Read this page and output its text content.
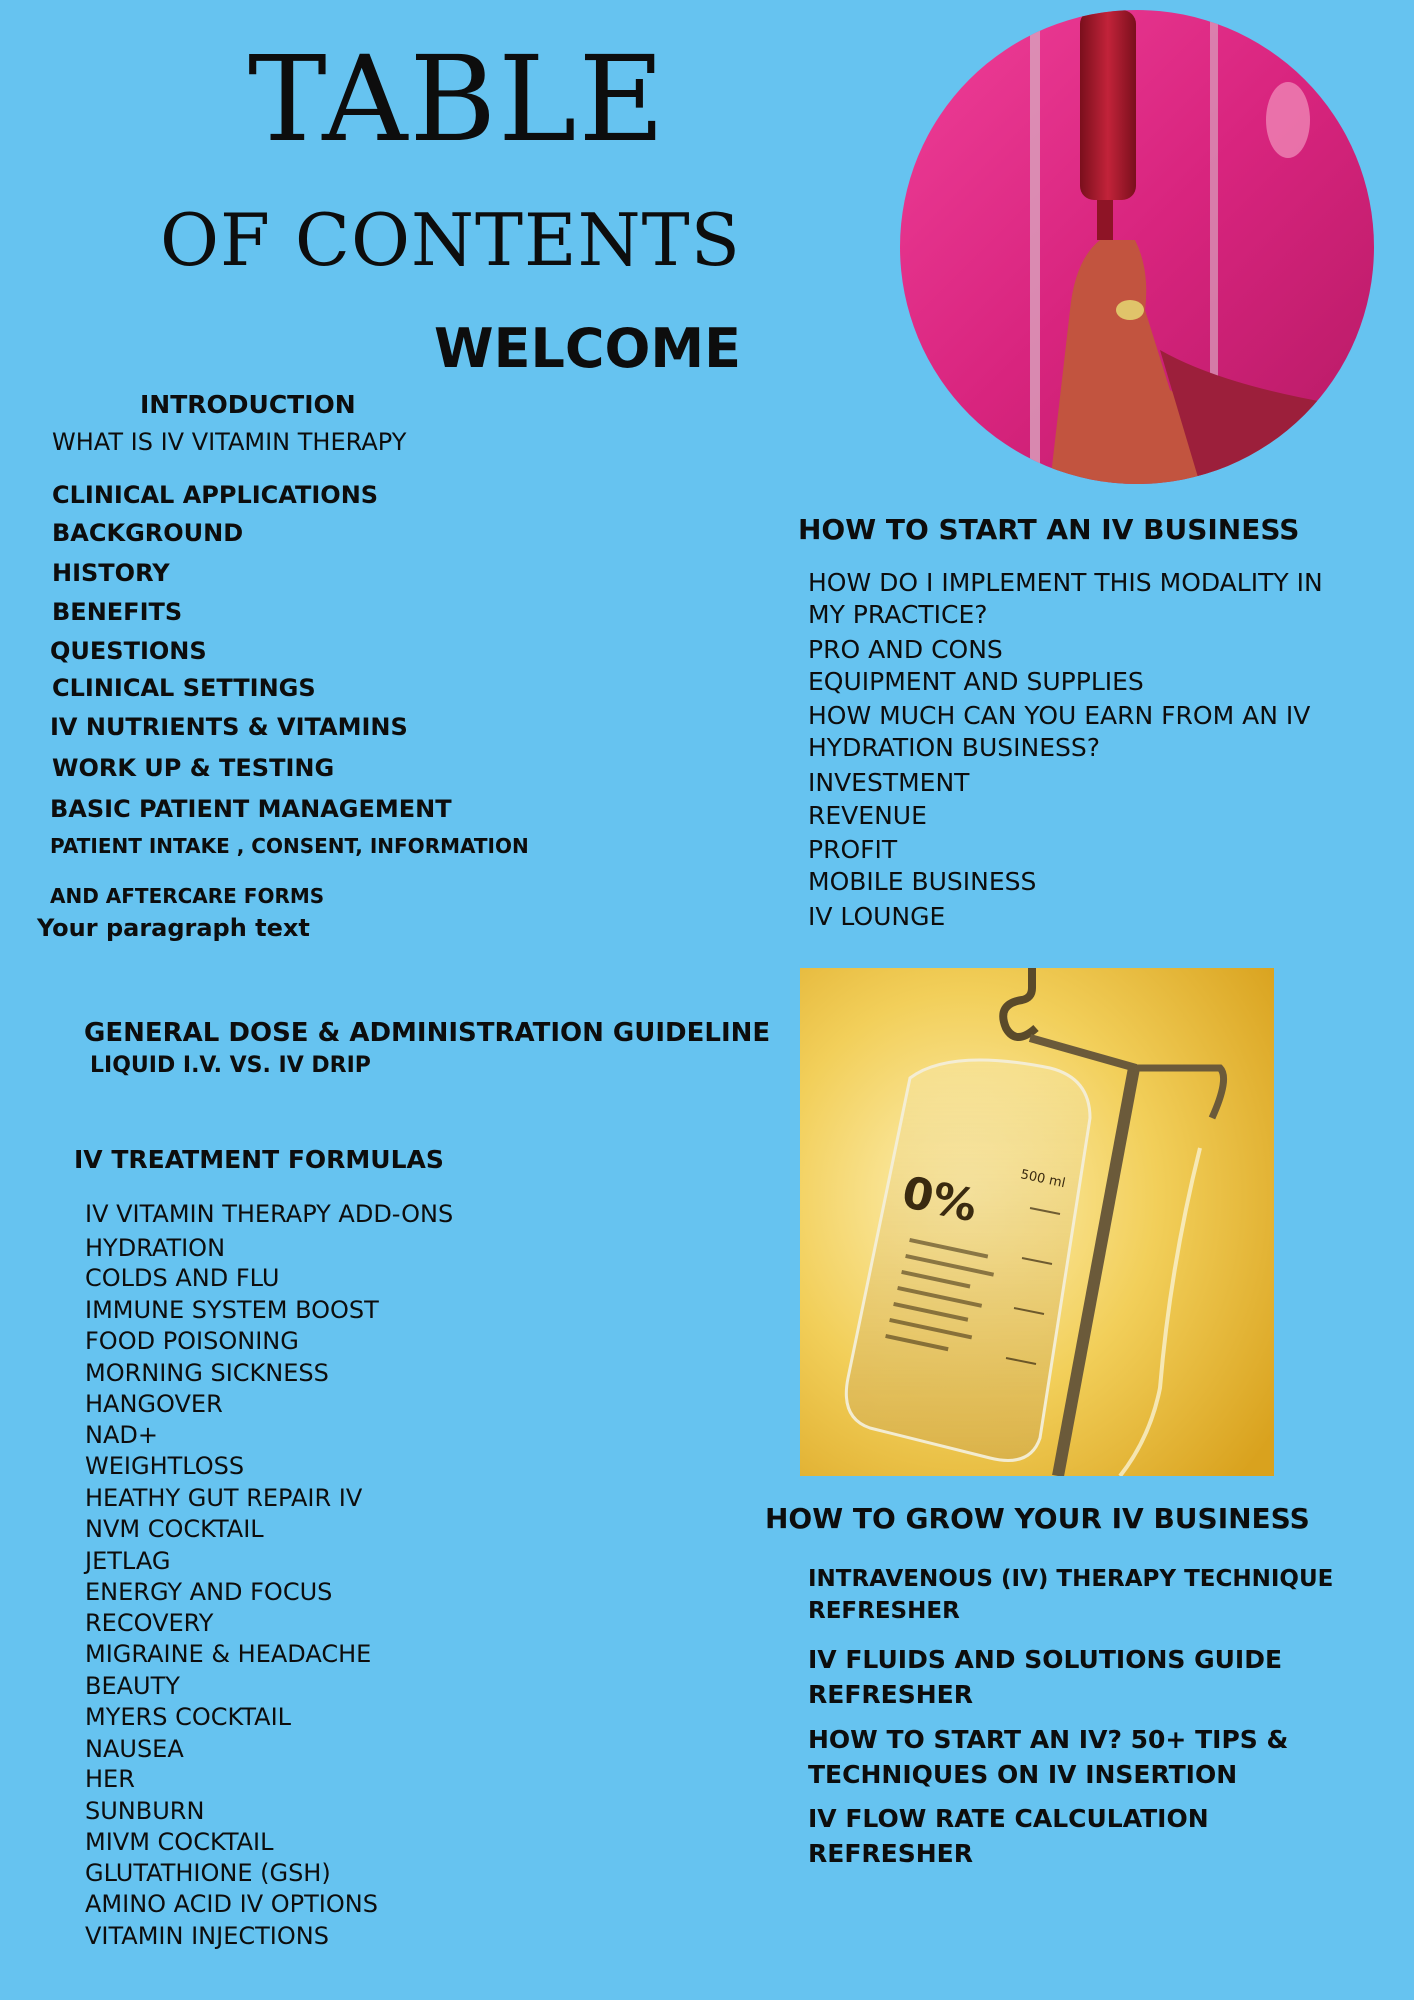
TABLE
OF CONTENTS
WELCOME
INTRODUCTION
WHAT IS IV VITAMIN THERAPY
CLINICAL APPLICATIONS
BACKGROUND
HISTORY
BENEFITS
QUESTIONS
CLINICAL SETTINGS
IV NUTRIENTS & VITAMINS
WORK UP & TESTING
BASIC PATIENT MANAGEMENT
PATIENT INTAKE , CONSENT, INFORMATION
AND AFTERCARE FORMS
Your paragraph text
GENERAL DOSE & ADMINISTRATION GUIDELINE
LIQUID I.V. VS. IV DRIP
IV TREATMENT FORMULAS
IV VITAMIN THERAPY ADD-ONS
HYDRATION
COLDS AND FLU
IMMUNE SYSTEM BOOST
FOOD POISONING
MORNING SICKNESS
HANGOVER
NAD+
WEIGHTLOSS
HEATHY GUT REPAIR IV
NVM COCKTAIL
JETLAG
ENERGY AND FOCUS
RECOVERY
MIGRAINE & HEADACHE
BEAUTY
MYERS COCKTAIL
NAUSEA
HER
SUNBURN
MIVM COCKTAIL
GLUTATHIONE (GSH)
AMINO ACID IV OPTIONS
VITAMIN INJECTIONS
HOW TO START AN IV BUSINESS
HOW DO I IMPLEMENT THIS MODALITY IN
MY PRACTICE?
PRO AND CONS
EQUIPMENT AND SUPPLIES
HOW MUCH CAN YOU EARN FROM AN IV
HYDRATION BUSINESS?
INVESTMENT
REVENUE
PROFIT
MOBILE BUSINESS
IV LOUNGE
0%	500 ml
HOW TO GROW YOUR IV BUSINESS
INTRAVENOUS (IV) THERAPY TECHNIQUE
REFRESHER
IV FLUIDS AND SOLUTIONS GUIDE
REFRESHER
HOW TO START AN IV? 50+ TIPS &
TECHNIQUES ON IV INSERTION
IV FLOW RATE CALCULATION
REFRESHER
